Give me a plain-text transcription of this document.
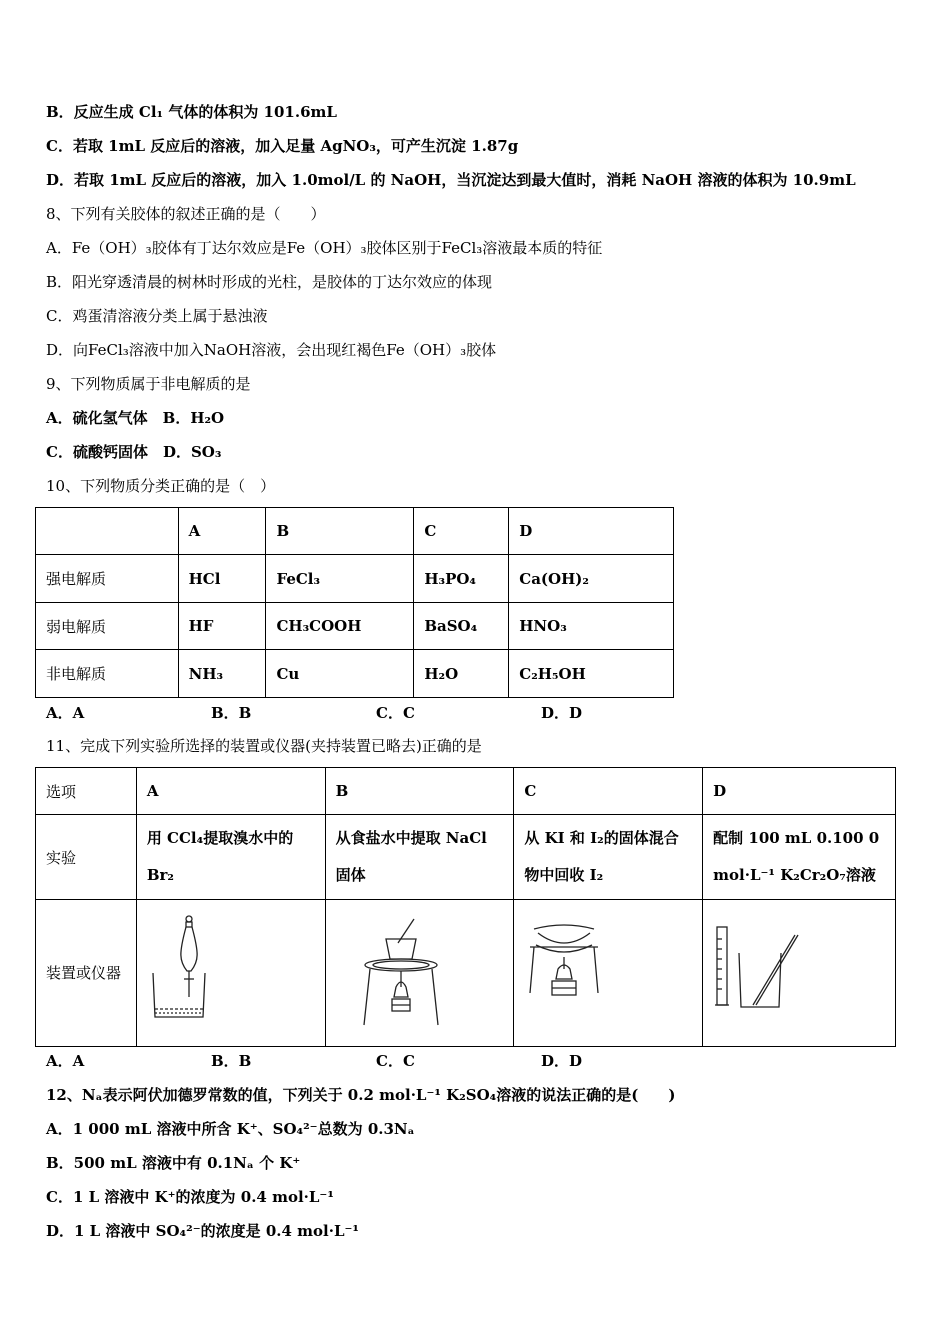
B．反应生成 Cl₁ 气体的体积为 101.6mL
C．若取 1mL 反应后的溶液，加入足量 AgNO₃，可产生沉淀 1.87g
D．若取 1mL 反应后的溶液，加入 1.0mol/L 的 NaOH，当沉淀达到最大值时，消耗 NaOH 溶液的体积为 10.9mL
8、下列有关胶体的叙述正确的是（　　）
A．Fe（OH）₃胶体有丁达尔效应是Fe（OH）₃胶体区别于FeCl₃溶液最本质的特征
B．阳光穿透清晨的树林时形成的光柱，是胶体的丁达尔效应的体现
C．鸡蛋清溶液分类上属于悬浊液
D．向FeCl₃溶液中加入NaOH溶液，会出现红褐色Fe（OH）₃胶体
9、下列物质属于非电解质的是
A．硫化氢气体　B．H₂O
C．硫酸钙固体　D．SO₃
10、下列物质分类正确的是（　）
	A	B	C	D
强电解质	HCl	FeCl₃	H₃PO₄	Ca(OH)₂
弱电解质	HF	CH₃COOH	BaSO₄	HNO₃
非电解质	NH₃	Cu	H₂O	C₂H₅OH
A．A	B．B	C．C	D．D
11、完成下列实验所选择的装置或仪器(夹持装置已略去)正确的是
选项	A	B	C	D
实验	用 CCl₄提取溴水中的 Br₂	从食盐水中提取 NaCl 固体	从 KI 和 I₂的固体混合物中回收 I₂	配制 100 mL 0.100 0 mol·L⁻¹ K₂Cr₂O₇溶液
装置或仪器	

A．A	B．B	C．C	D．D
12、Nₐ表示阿伏加德罗常数的值，下列关于 0.2 mol·L⁻¹ K₂SO₄溶液的说法正确的是(　　)
A．1 000 mL 溶液中所含 K⁺、SO₄²⁻总数为 0.3Nₐ
B．500 mL 溶液中有 0.1Nₐ 个 K⁺
C．1 L 溶液中 K⁺的浓度为 0.4 mol·L⁻¹
D．1 L 溶液中 SO₄²⁻的浓度是 0.4 mol·L⁻¹
